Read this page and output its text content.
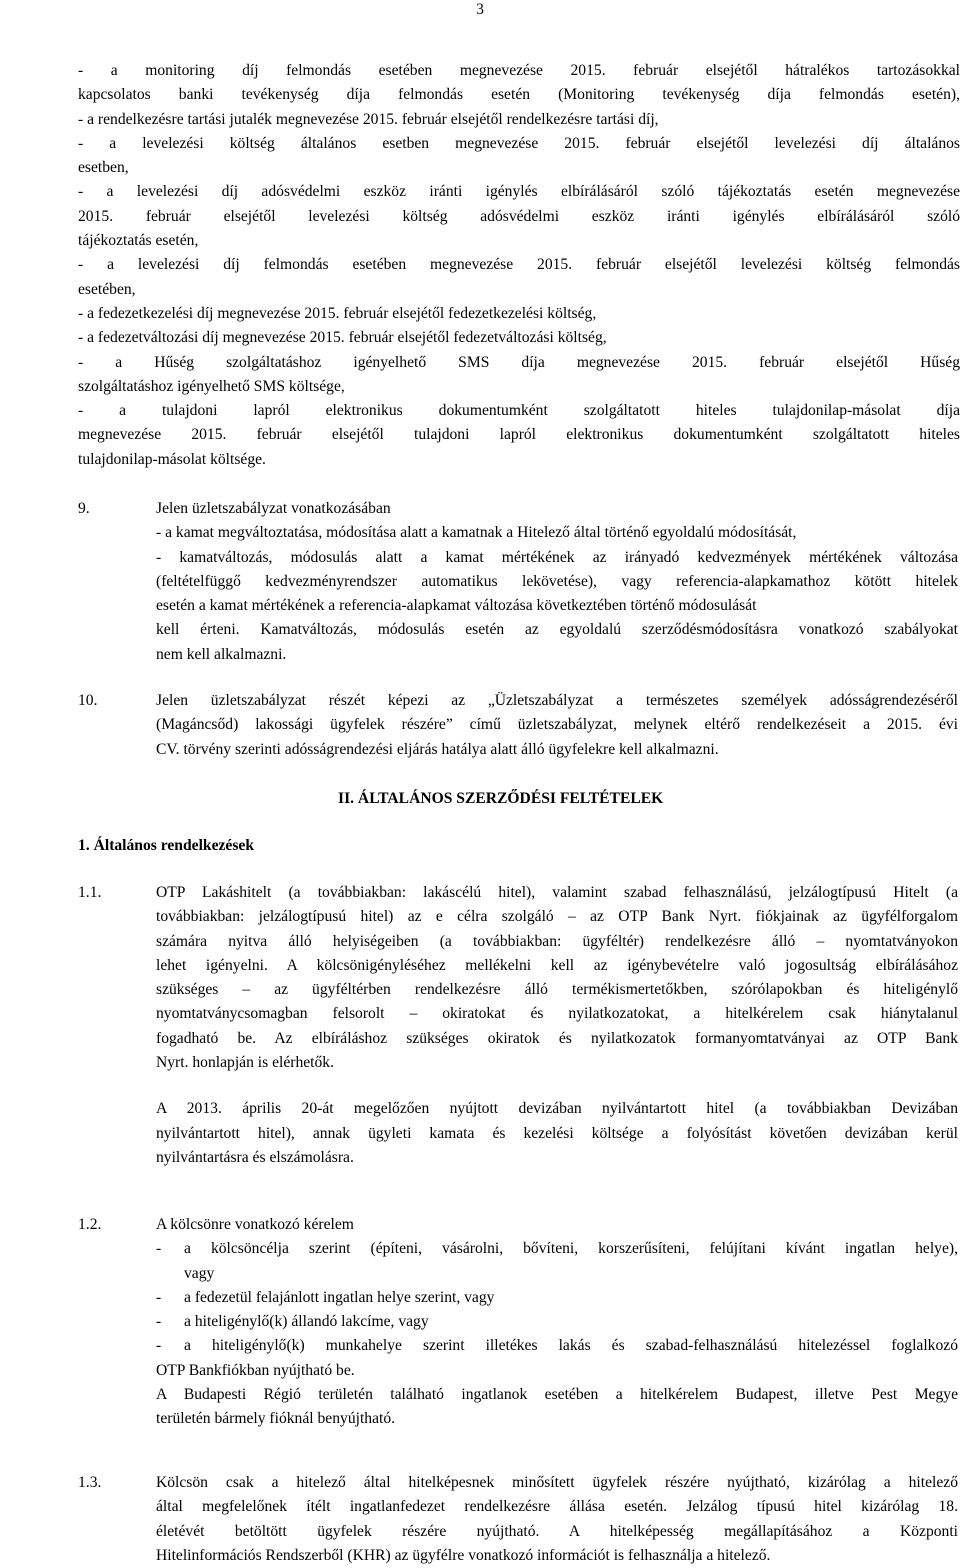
3
- a monitoring díj felmondás esetében megnevezése 2015. február elsejétől hátralékos tartozásokkal
kapcsolatos banki tevékenység díja felmondás esetén (Monitoring tevékenység díja felmondás esetén),
- a rendelkezésre tartási jutalék megnevezése 2015. február elsejétől rendelkezésre tartási díj,
- a levelezési költség általános esetben megnevezése 2015. február elsejétől levelezési díj általános
esetben,
- a levelezési díj adósvédelmi eszköz iránti igénylés elbírálásáról szóló tájékoztatás esetén megnevezése
2015. február elsejétől levelezési költség adósvédelmi eszköz iránti igénylés elbírálásáról szóló
tájékoztatás esetén,
- a levelezési díj felmondás esetében megnevezése 2015. február elsejétől levelezési költség felmondás
esetében,
- a fedezetkezelési díj megnevezése 2015. február elsejétől fedezetkezelési költség,
- a fedezetváltozási díj megnevezése 2015. február elsejétől fedezetváltozási költség,
- a Hűség szolgáltatáshoz igényelhető SMS díja megnevezése 2015. február elsejétől Hűség
szolgáltatáshoz igényelhető SMS költsége,
- a tulajdoni lapról elektronikus dokumentumként szolgáltatott hiteles tulajdonilap-másolat díja
megnevezése 2015. február elsejétől tulajdoni lapról elektronikus dokumentumként szolgáltatott hiteles
tulajdonilap-másolat költsége.
9.	Jelen üzletszabályzat vonatkozásában
- a kamat megváltoztatása, módosítása alatt a kamatnak a Hitelező által történő egyoldalú módosítását,
- kamatváltozás, módosulás alatt a kamat mértékének az irányadó kedvezmények mértékének változása
(feltételfüggő kedvezményrendszer automatikus lekövetése), vagy referencia-alapkamathoz kötött hitelek
esetén a kamat mértékének a referencia-alapkamat változása következtében történő módosulását
kell érteni. Kamatváltozás, módosulás esetén az egyoldalú szerződésmódosításra vonatkozó szabályokat
nem kell alkalmazni.
10.	Jelen üzletszabályzat részét képezi az „Üzletszabályzat a természetes személyek adósságrendezéséről
(Magáncsőd) lakossági ügyfelek részére” című üzletszabályzat, melynek eltérő rendelkezéseit a 2015. évi
CV. törvény szerinti adósságrendezési eljárás hatálya alatt álló ügyfelekre kell alkalmazni.
II. ÁLTALÁNOS SZERZŐDÉSI FELTÉTELEK
1. Általános rendelkezések
1.1.	OTP Lakáshitelt (a továbbiakban: lakáscélú hitel), valamint szabad felhasználású, jelzálogtípusú Hitelt (a
továbbiakban: jelzálogtípusú hitel) az e célra szolgáló – az OTP Bank Nyrt. fiókjainak az ügyfélforgalom
számára nyitva álló helyiségeiben (a továbbiakban: ügyféltér) rendelkezésre álló – nyomtatványokon
lehet igényelni. A kölcsönigényléséhez mellékelni kell az igénybevételre való jogosultság elbírálásához
szükséges – az ügyféltérben rendelkezésre álló termékismertetőkben, szórólapokban és hiteligénylő
nyomtatványcsomagban felsorolt – okiratokat és nyilatkozatokat, a hitelkérelem csak hiánytalanul
fogadható be. Az elbíráláshoz szükséges okiratok és nyilatkozatok formanyomtatványai az OTP Bank
Nyrt. honlapján is elérhetők.
A 2013. április 20-át megelőzően nyújtott devizában nyilvántartott hitel (a továbbiakban Devizában
nyilvántartott hitel), annak ügyleti kamata és kezelési költsége a folyósítást követően devizában kerül
nyilvántartásra és elszámolásra.
1.2.	A kölcsönre vonatkozó kérelem
-	a kölcsöncélja szerint (építeni, vásárolni, bővíteni, korszerűsíteni, felújítani kívánt ingatlan helye),
vagy
-	a fedezetül felajánlott ingatlan helye szerint, vagy
-	a hiteligénylő(k) állandó lakcíme, vagy
-	a hiteligénylő(k) munkahelye szerint illetékes lakás és szabad-felhasználású hitelezéssel foglalkozó
OTP Bankfiókban nyújtható be.
A Budapesti Régió területén található ingatlanok esetében a hitelkérelem Budapest, illetve Pest Megye
területén bármely fióknál benyújtható.
1.3.	Kölcsön csak a hitelező által hitelképesnek minősített ügyfelek részére nyújtható, kizárólag a hitelező
által megfelelőnek ítélt ingatlanfedezet rendelkezésre állása esetén. Jelzálog típusú hitel kizárólag 18.
életévét betöltött ügyfelek részére nyújtható. A hitelképesség megállapításához a Központi
Hitelinformációs Rendszerből (KHR) az ügyfélre vonatkozó információt is felhasználja a hitelező.
